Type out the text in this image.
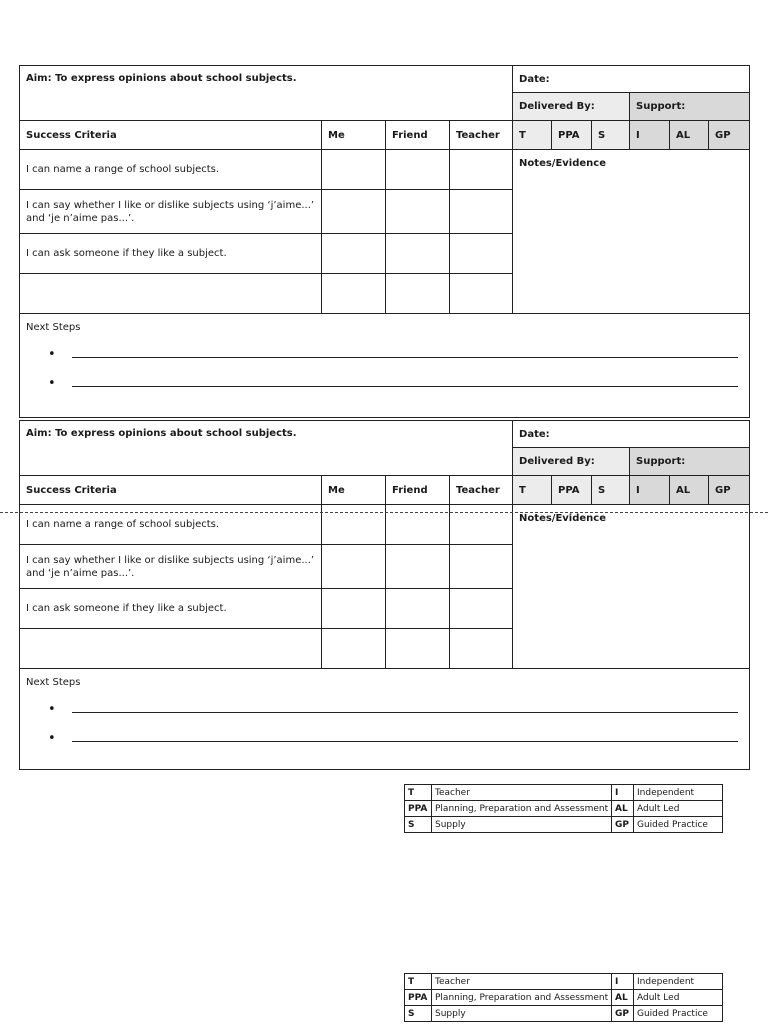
Aim: To express opinions about school subjects.				Date:					
				Delivered By:			Support:		
Success Criteria	Me	Friend	Teacher	T	PPA	S	I	AL	GP
I can name a range of school subjects.				Notes/Evidence					
I can say whether I like or dislike subjects using ‘j’aime...’ and ‘je n’aime pas...’.									
I can ask someone if they like a subject.									

Next Steps
•
•									
Aim: To express opinions about school subjects.				Date:					
				Delivered By:			Support:		
Success Criteria	Me	Friend	Teacher	T	PPA	S	I	AL	GP
I can name a range of school subjects.				Notes/Evidence					
I can say whether I like or dislike subjects using ‘j’aime...’ and ‘je n’aime pas...’.									
I can ask someone if they like a subject.									

Next Steps
•
•									
T	Teacher	I	Independent
PPA	Planning, Preparation and Assessment	AL	Adult Led
S	Supply	GP	Guided Practice
T	Teacher	I	Independent
PPA	Planning, Preparation and Assessment	AL	Adult Led
S	Supply	GP	Guided Practice
